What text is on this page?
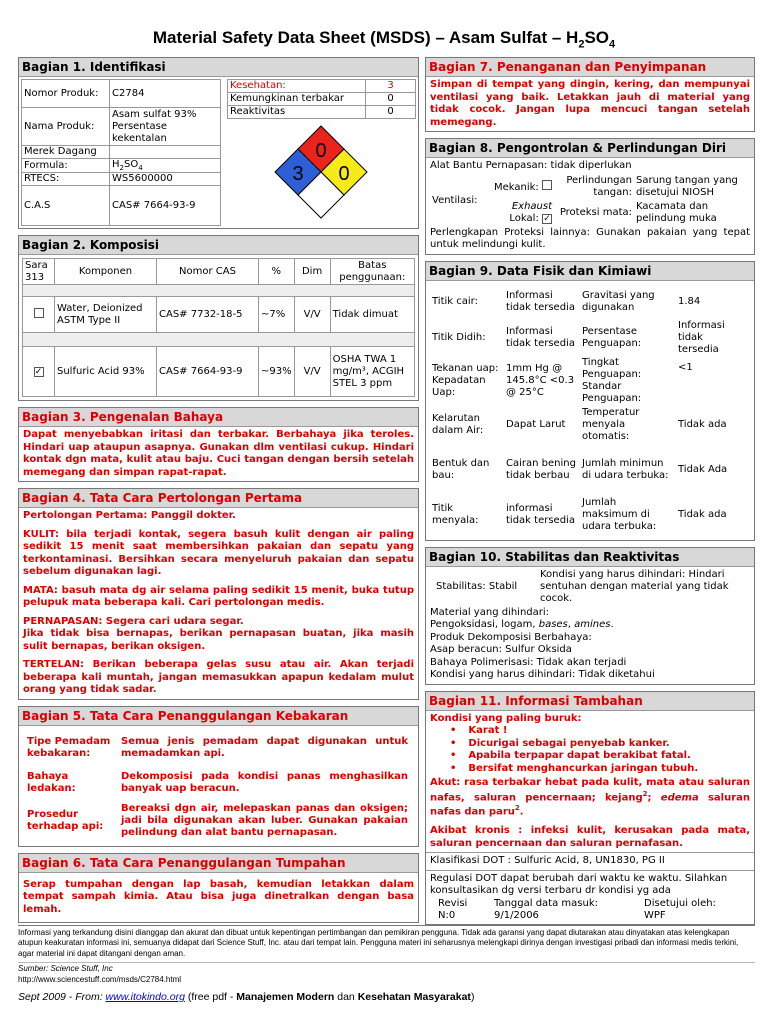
Material Safety Data Sheet (MSDS) – Asam Sulfat – $H_2SO_4$
Bagian 1. Identifikasi
Nomor Produk:	C2784
Nama Produk:	Asam sulfat 93% Persentase kekentalan
Merek Dagang	
Formula:	$H_2SO_4$
RTECS:	WS5600000
C.A.S	CAS# 7664-93-9
Kesehatan:	3
Kemungkinan terbakar	0
Reaktivitas	0
0
3 0
Bagian 2. Komposisi
Sara 313	Komponen	Nomor CAS	%	Dim	Batas penggunaan:

	Water, Deionized ASTM Type II	CAS# 7732-18-5	~7%	V/V	Tidak dimuat

✓	Sulfuric Acid 93%	CAS# 7664-93-9	~93%	V/V	OSHA TWA 1 mg/m³, ACGIH STEL 3 ppm
Bagian 3. Pengenalan Bahaya
Dapat menyebabkan iritasi dan terbakar. Berbahaya jika teroles. Hindari uap ataupun asapnya. Gunakan dlm ventilasi cukup. Hindari kontak dgn mata, kulit atau baju. Cuci tangan dengan bersih setelah memegang dan simpan rapat-rapat.
Bagian 4. Tata Cara Pertolongan Pertama
Pertolongan Pertama: Panggil dokter.
KULIT: bila terjadi kontak, segera basuh kulit dengan air paling sedikit 15 menit saat membersihkan pakaian dan sepatu yang terkontaminasi. Bersihkan secara menyeluruh pakaian dan sepatu sebelum digunakan lagi.
MATA: basuh mata dg air selama paling sedikit 15 menit, buka tutup pelupuk mata beberapa kali. Cari pertolongan medis.
PERNAPASAN: Segera cari udara segar.
Jika tidak bisa bernapas, berikan pernapasan buatan, jika masih sulit bernapas, berikan oksigen.
TERTELAN: Berikan beberapa gelas susu atau air. Akan terjadi beberapa kali muntah, jangan memasukkan apapun kedalam mulut orang yang tidak sadar.
Bagian 5. Tata Cara Penanggulangan Kebakaran
Tipe Pemadam kebakaran:	Semua jenis pemadam dapat digunakan untuk memadamkan api.
Bahaya ledakan:	Dekomposisi pada kondisi panas menghasilkan banyak uap beracun.
Prosedur terhadap api:	Bereaksi dgn air, melepaskan panas dan oksigen; jadi bila digunakan akan luber. Gunakan pakaian pelindung dan alat bantu pernapasan.
Bagian 6. Tata Cara Penanggulangan Tumpahan
Serap tumpahan dengan lap basah, kemudian letakkan dalam tempat sampah kimia. Atau bisa juga dinetralkan dengan basa lemah.
Bagian 7. Penanganan dan Penyimpanan
Simpan di tempat yang dingin, kering, dan mempunyai ventilasi yang baik. Letakkan jauh di material yang tidak cocok. Jangan lupa mencuci tangan setelah memegang.
Bagian 8. Pengontrolan & Perlindungan Diri
Alat Bantu Pernapasan: tidak diperlukan
Ventilasi:	Mekanik:	Perlindungan tangan:	Sarung tangan yang disetujui NIOSH
	Exhaust Lokal: ✓	Proteksi mata:	Kacamata dan pelindung muka
Perlengkapan Proteksi lainnya: Gunakan pakaian yang tepat untuk melindungi kulit.
Bagian 9. Data Fisik dan Kimiawi
Titik cair:	Informasi tidak tersedia	Gravitasi yang digunakan	1.84
Titik Didih:	Informasi tidak tersedia	Persentase Penguapan:	Informasi tidak tersedia
Tekanan uap: Kepadatan Uap:	1mm Hg @ 145.8°C <0.3 @ 25°C	Tingkat Penguapan: Standar Penguapan:	<1
Kelarutan dalam Air:	Dapat Larut	Temperatur menyala otomatis:	Tidak ada
Bentuk dan bau:	Cairan bening tidak berbau	Jumlah minimun di udara terbuka:	Tidak Ada
Titik menyala:	informasi tidak tersedia	Jumlah maksimum di udara terbuka:	Tidak ada
Bagian 10. Stabilitas dan Reaktivitas
Stabilitas: Stabil	Kondisi yang harus dihindari: Hindari sentuhan dengan material yang tidak cocok.
Material yang dihindari:
Pengoksidasi, logam, bases, amines.
Produk Dekomposisi Berbahaya:
Asap beracun: Sulfur Oksida
Bahaya Polimerisasi: Tidak akan terjadi
Kondisi yang harus dihindari: Tidak diketahui
Bagian 11. Informasi Tambahan
Kondisi yang paling buruk:
• Karat !
• Dicurigai sebagai penyebab kanker.
• Apabila terpapar dapat berakibat fatal.
• Bersifat menghancurkan jaringan tubuh.
Akut: rasa terbakar hebat pada kulit, mata atau saluran nafas, saluran pencernaan; kejang$^2$; edema saluran nafas dan paru$^2$.
Akibat kronis : infeksi kulit, kerusakan pada mata, saluran pencernaan dan saluran pernafasan.
Klasifikasi DOT : Sulfuric Acid, 8, UN1830, PG II
Regulasi DOT dapat berubah dari waktu ke waktu. Silahkan konsultasikan dg versi terbaru dr kondisi yg ada
Revisi	Tanggal data masuk:	Disetujui oleh:
N:0	9/1/2006	WPF
Informasi yang terkandung disini dianggap dan akurat dan dibuat untuk kepentingan pertimbangan dan pemikiran pengguna. Tidak ada garansi yang dapat diutarakan atau dinyatakan atas kelengkapan atupun keakuratan informasi ini, semuanya didapat dari Science Stuff, Inc. atau dari tempat lain. Pengguna materi ini seharusnya melengkapi dirinya dengan investigasi pribadi dan informasi medis terkini, agar material ini dapat ditangani dengan aman.
Sumber: Science Stuff, Inc
http://www.sciencestuff.com/msds/C2784.html
Sept 2009 - From: www.itokindo.org (free pdf - Manajemen Modern dan Kesehatan Masyarakat)
